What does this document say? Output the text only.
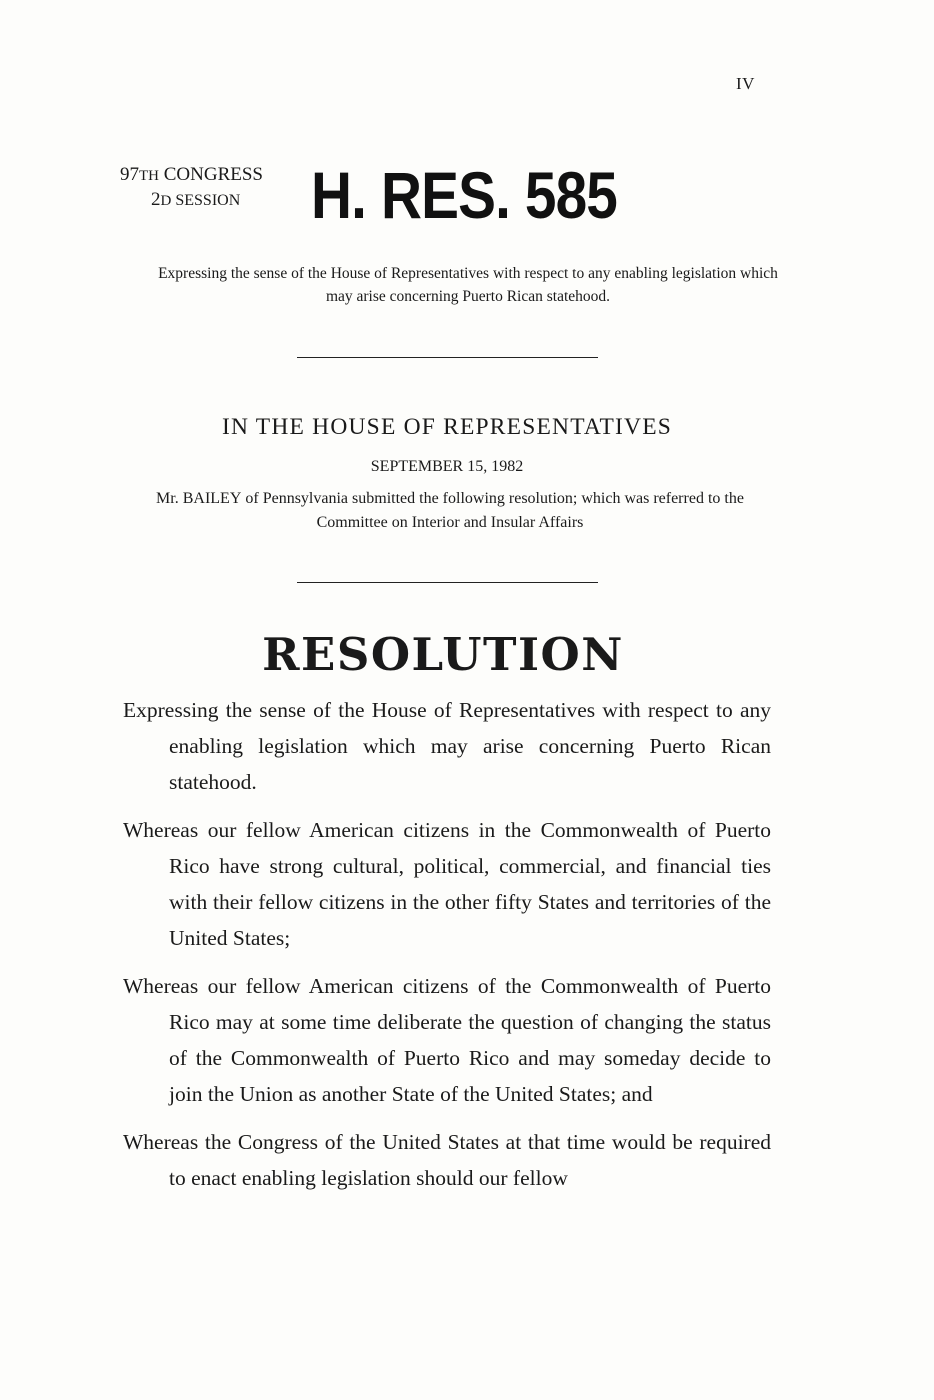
IV
97TH CONGRESS
2D SESSION	H. RES. 585
Expressing the sense of the House of Representatives with respect to any enabling legislation which may arise concerning Puerto Rican statehood.
IN THE HOUSE OF REPRESENTATIVES
SEPTEMBER 15, 1982
Mr. BAILEY of Pennsylvania submitted the following resolution; which was referred to the Committee on Interior and Insular Affairs
RESOLUTION

Expressing the sense of the House of Representatives with respect to any enabling legislation which may arise concerning Puerto Rican statehood.

Whereas our fellow American citizens in the Commonwealth of Puerto Rico have strong cultural, political, commercial, and financial ties with their fellow citizens in the other fifty States and territories of the United States;

Whereas our fellow American citizens of the Commonwealth of Puerto Rico may at some time deliberate the question of changing the status of the Commonwealth of Puerto Rico and may someday decide to join the Union as another State of the United States; and

Whereas the Congress of the United States at that time would be required to enact enabling legislation should our fellow
